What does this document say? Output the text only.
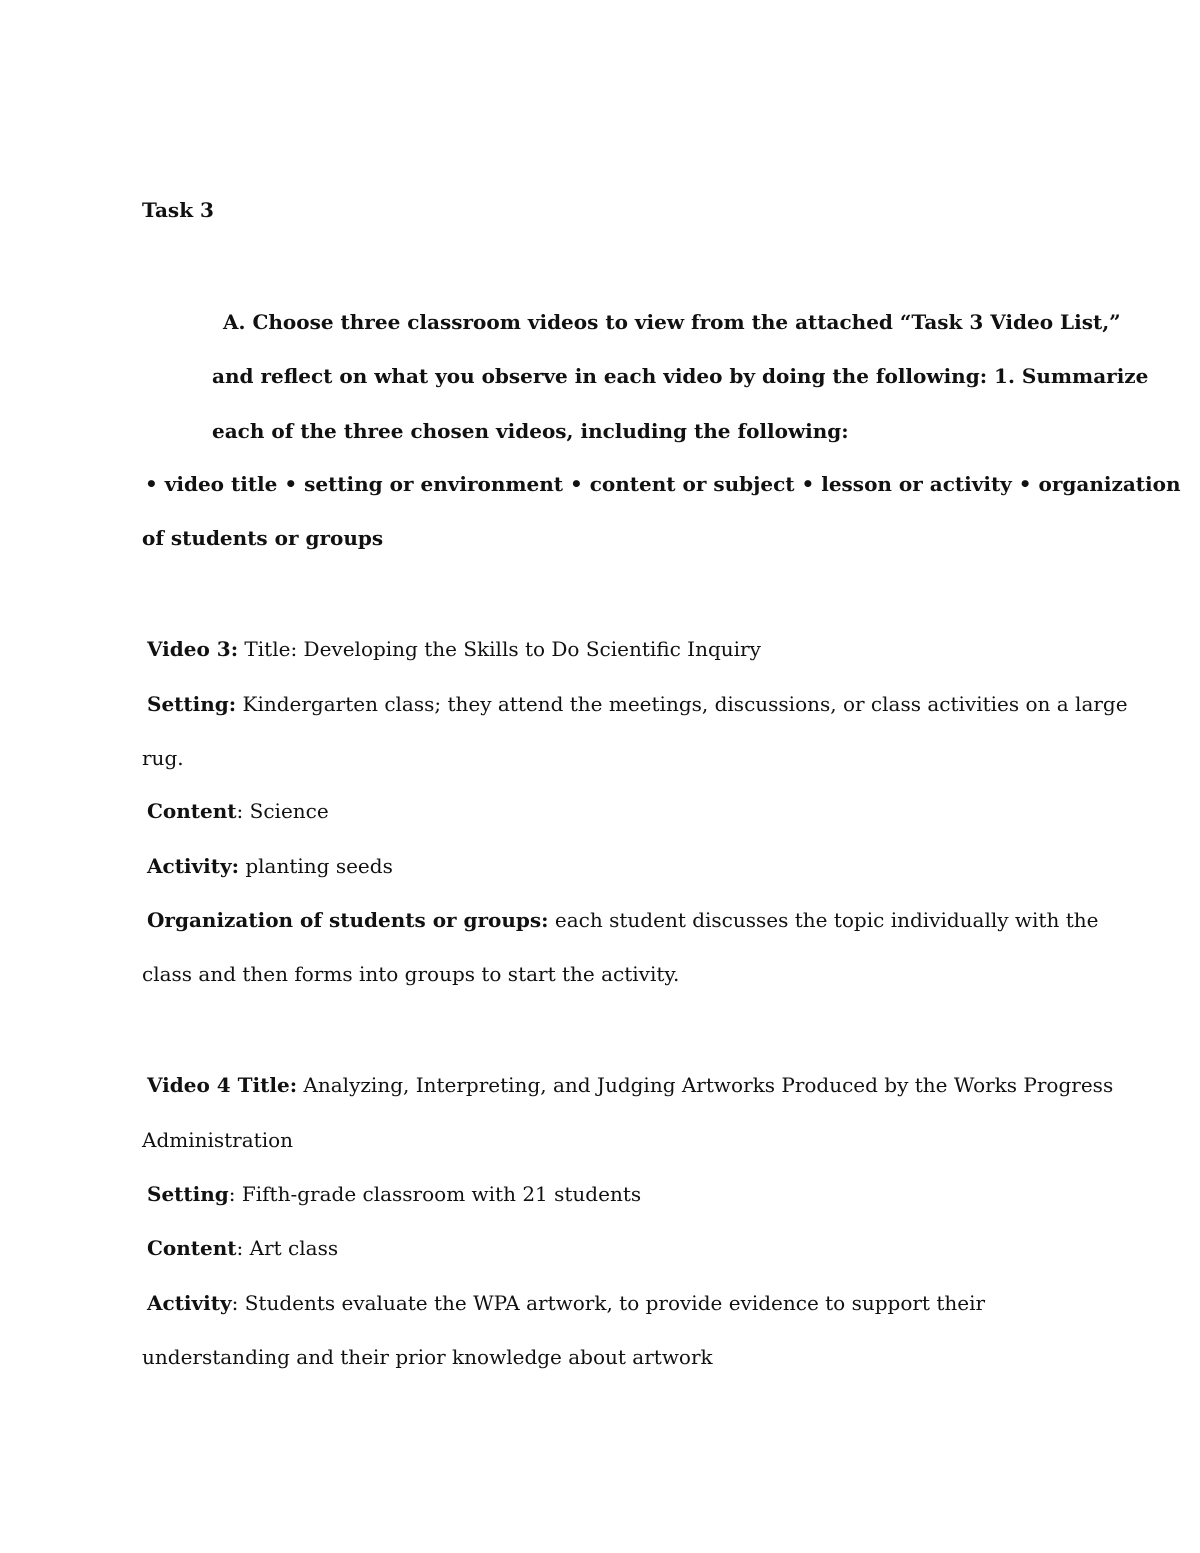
Task 3

A. Choose three classroom videos to view from the attached “Task 3 Video List,”

and reflect on what you observe in each video by doing the following: 1. Summarize

each of the three chosen videos, including the following:

• video title • setting or environment • content or subject • lesson or activity • organization

of students or groups

Video 3: Title: Developing the Skills to Do Scientific Inquiry

Setting: Kindergarten class; they attend the meetings, discussions, or class activities on a large

rug.

Content: Science

Activity: planting seeds

Organization of students or groups: each student discusses the topic individually with the

class and then forms into groups to start the activity.

Video 4 Title: Analyzing, Interpreting, and Judging Artworks Produced by the Works Progress

Administration

Setting: Fifth-grade classroom with 21 students

Content: Art class

Activity: Students evaluate the WPA artwork, to provide evidence to support their

understanding and their prior knowledge about artwork
